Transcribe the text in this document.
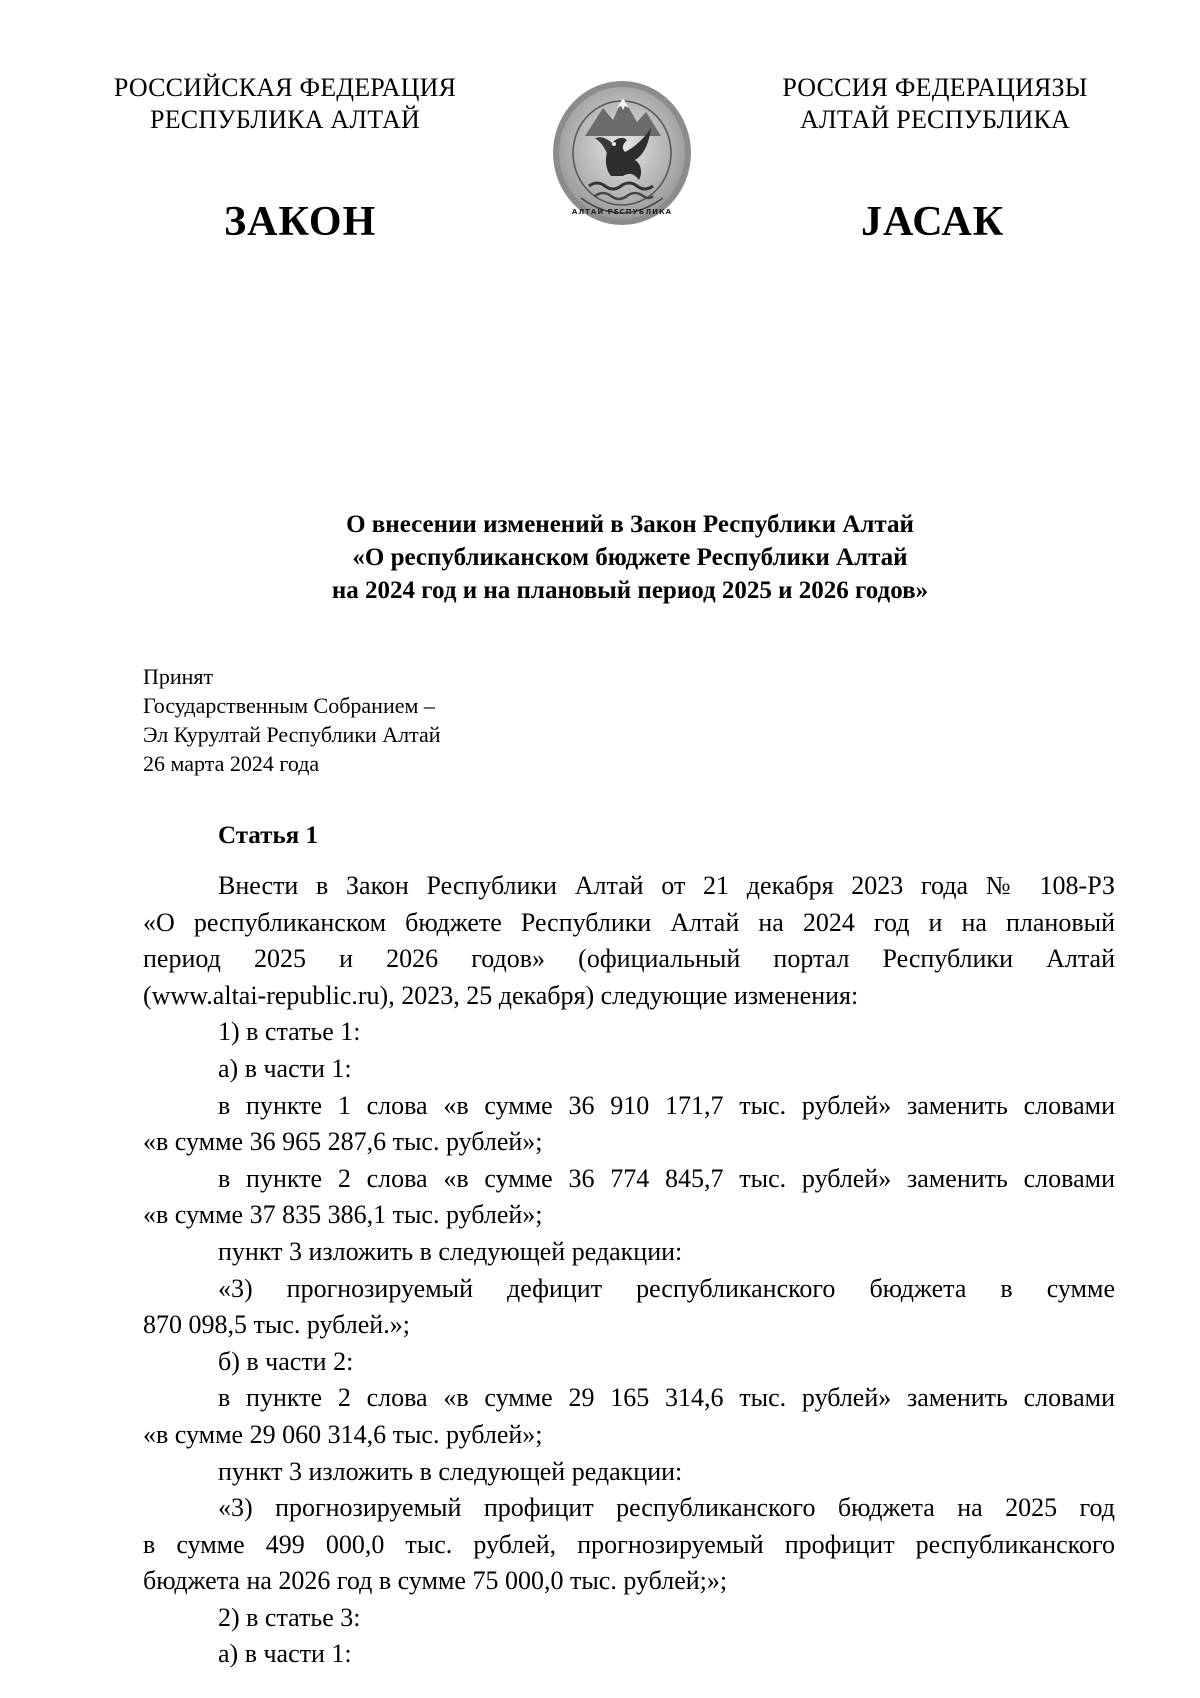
РОССИЙСКАЯ ФЕДЕРАЦИЯ
РЕСПУБЛИКА АЛТАЙ
РОССИЯ ФЕДЕРАЦИЯЗЫ
АЛТАЙ РЕСПУБЛИКА
АЛТАЙ РЕСПУБЛИКА
ЗАКОН	JАСАК
О внесении изменений в Закон Республики Алтай
«О республиканском бюджете Республики Алтай
на 2024 год и на плановый период 2025 и 2026 годов»
Принят
Государственным Собранием –
Эл Курултай Республики Алтай
26 марта 2024 года
Статья 1

Внести в Закон Республики Алтай от 21 декабря 2023 года № 108-РЗ

«О республиканском бюджете Республики Алтай на 2024 год и на плановый

период 2025 и 2026 годов» (официальный портал Республики Алтай

(www.altai-republic.ru), 2023, 25 декабря) следующие изменения:

1) в статье 1:

а) в части 1:

в пункте 1 слова «в сумме 36 910 171,7 тыс. рублей» заменить словами

«в сумме 36 965 287,6 тыс. рублей»;

в пункте 2 слова «в сумме 36 774 845,7 тыс. рублей» заменить словами

«в сумме 37 835 386,1 тыс. рублей»;

пункт 3 изложить в следующей редакции:

«3) прогнозируемый дефицит республиканского бюджета в сумме

870 098,5 тыс. рублей.»;

б) в части 2:

в пункте 2 слова «в сумме 29 165 314,6 тыс. рублей» заменить словами

«в сумме 29 060 314,6 тыс. рублей»;

пункт 3 изложить в следующей редакции:

«3) прогнозируемый профицит республиканского бюджета на 2025 год

в сумме 499 000,0 тыс. рублей, прогнозируемый профицит республиканского

бюджета на 2026 год в сумме 75 000,0 тыс. рублей;»;

2) в статье 3:

а) в части 1:
